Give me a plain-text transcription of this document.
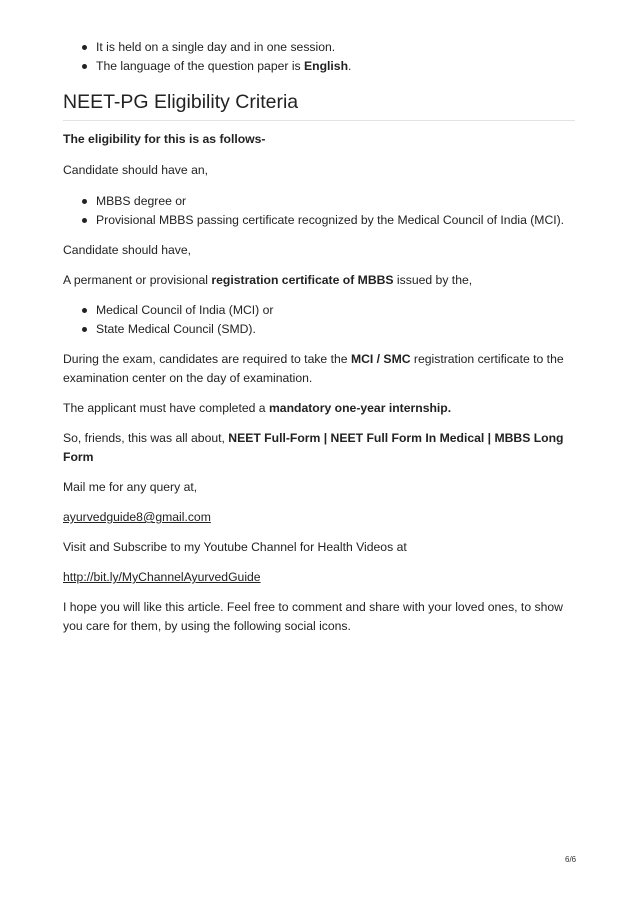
It is held on a single day and in one session.
The language of the question paper is English.
NEET-PG Eligibility Criteria

The eligibility for this is as follows-

Candidate should have an,

MBBS degree or
Provisional MBBS passing certificate recognized by the Medical Council of India (MCI).

Candidate should have,

A permanent or provisional registration certificate of MBBS issued by the,

Medical Council of India (MCI) or
State Medical Council (SMD).

During the exam, candidates are required to take the MCI / SMC registration certificate to the examination center on the day of examination.

The applicant must have completed a mandatory one-year internship.

So, friends, this was all about, NEET Full-Form | NEET Full Form In Medical | MBBS Long Form

Mail me for any query at,

ayurvedguide8@gmail.com

Visit and Subscribe to my Youtube Channel for Health Videos at

http://bit.ly/MyChannelAyurvedGuide

I hope you will like this article. Feel free to comment and share with your loved ones, to show you care for them, by using the following social icons.

6/6
